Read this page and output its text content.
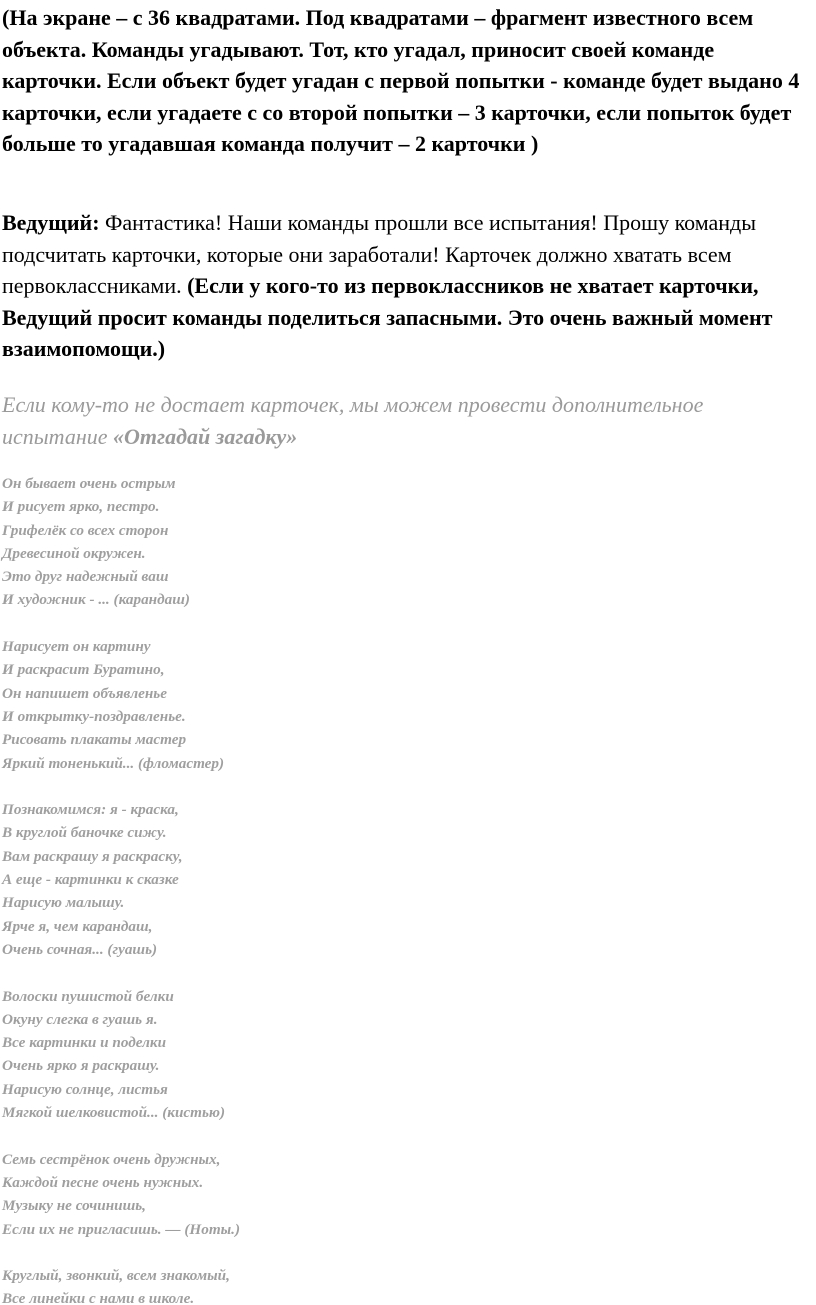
(На экране – с 36 квадратами. Под квадратами – фрагмент известного всем объекта. Команды угадывают. Тот, кто угадал, приносит своей команде карточки. Если объект будет угадан с первой попытки - команде будет выдано 4 карточки, если угадаете с со второй попытки – 3 карточки, если попыток будет больше то угадавшая команда получит – 2 карточки )

Ведущий: Фантастика! Наши команды прошли все испытания! Прошу команды подсчитать карточки, которые они заработали! Карточек должно хватать всем первоклассниками. (Если у кого-то из первоклассников не хватает карточки, Ведущий просит команды поделиться запасными. Это очень важный момент взаимопомощи.)

Если кому-то не достает карточек, мы можем провести дополнительное испытание «Отгадай загадку»

Он бывает очень острым
И рисует ярко, пестро.
Грифелёк со всех сторон
Древесиной окружен.
Это друг надежный ваш
И художник - ... (карандаш)

Нарисует он картину
И раскрасит Буратино,
Он напишет объявленье
И открытку-поздравленье.
Рисовать плакаты мастер
Яркий тоненький... (фломастер)

Познакомимся: я - краска,
В круглой баночке сижу.
Вам раскрашу я раскраску,
А еще - картинки к сказке
Нарисую малышу.
Ярче я, чем карандаш,
Очень сочная... (гуашь)

Волоски пушистой белки
Окуну слегка в гуашь я.
Все картинки и поделки
Очень ярко я раскрашу.
Нарисую солнце, листья
Мягкой шелковистой... (кистью)

Семь сестрёнок очень дружных,
Каждой песне очень нужных.
Музыку не сочинишь,
Если их не пригласишь. — (Ноты.)

Круглый, звонкий, всем знакомый,
Все линейки с нами в школе.
